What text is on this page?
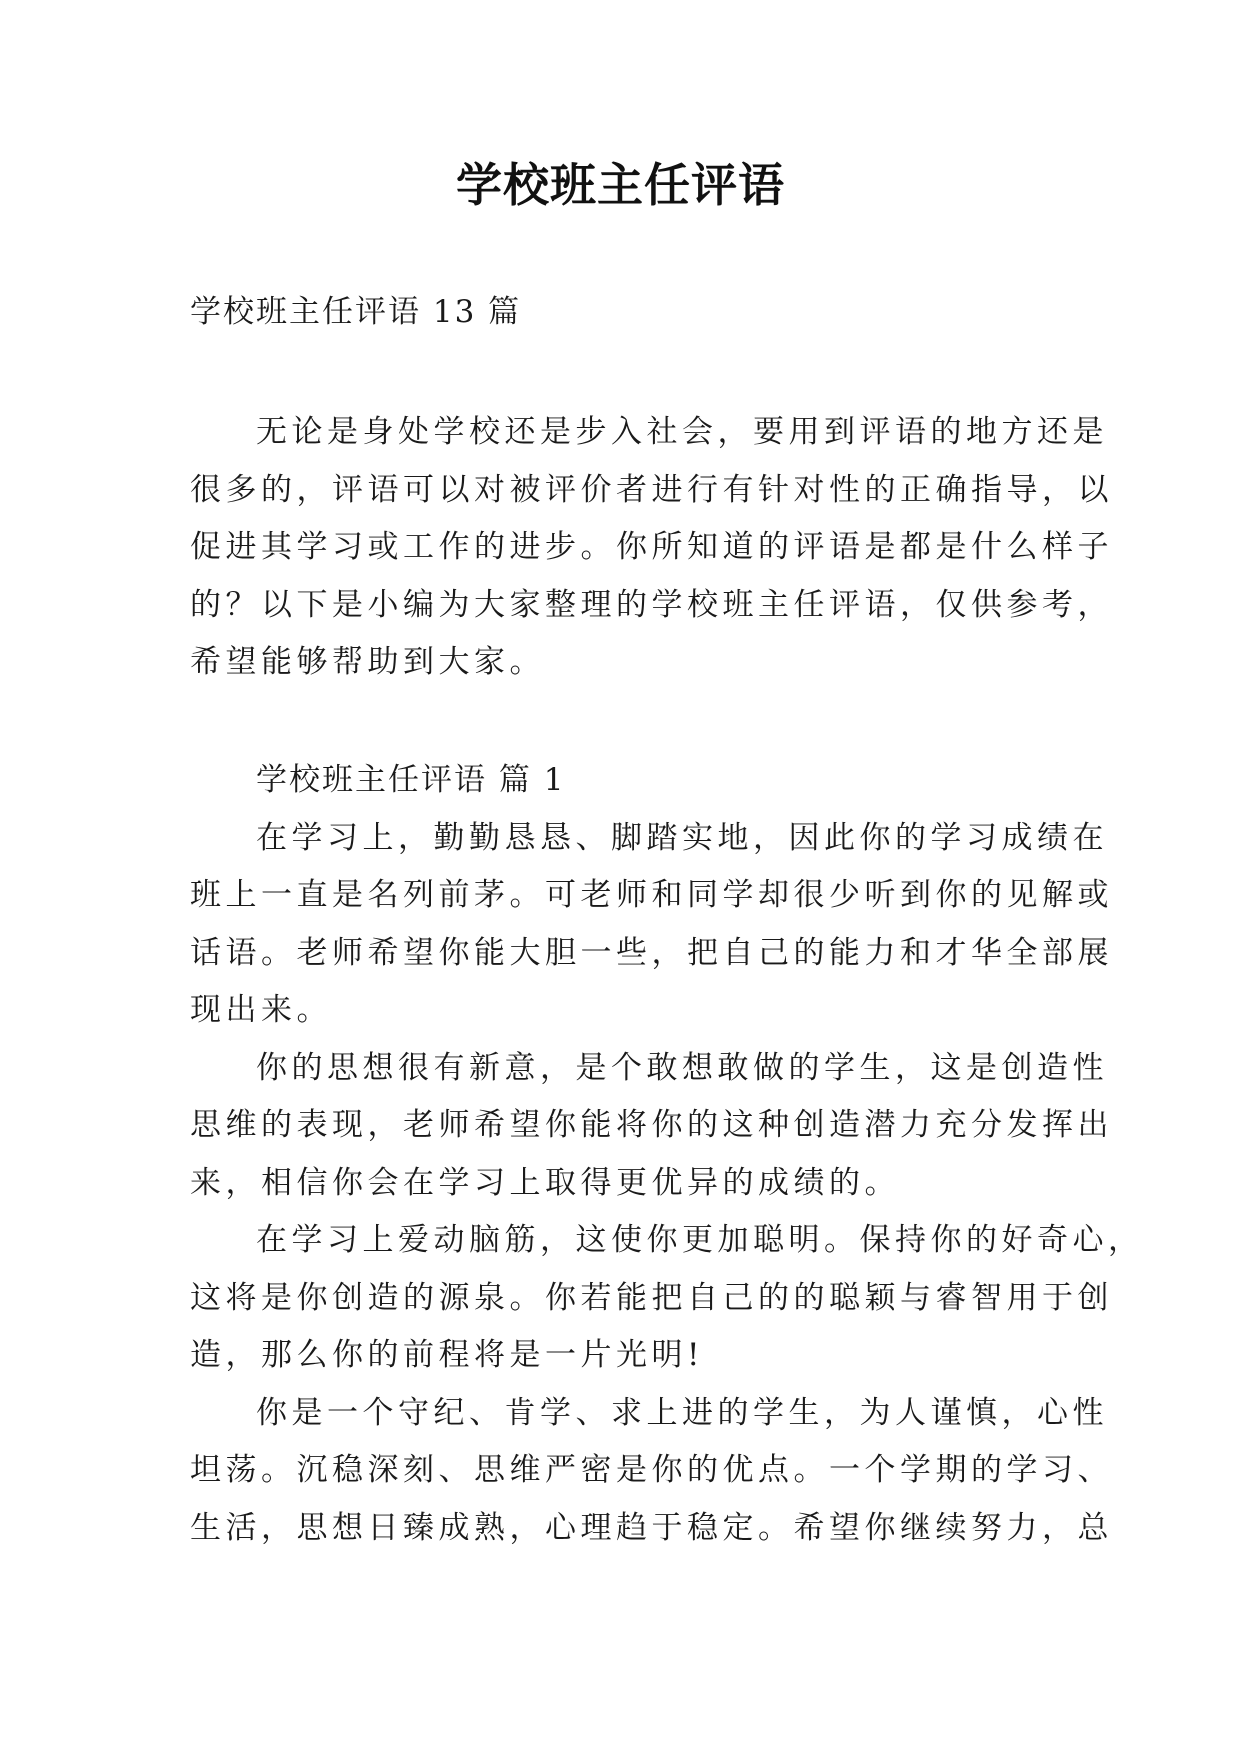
学校班主任评语
学校班主任评语 13 篇
无论是身处学校还是步入社会，要用到评语的地方还是
很多的，评语可以对被评价者进行有针对性的正确指导，以
促进其学习或工作的进步。你所知道的评语是都是什么样子
的？以下是小编为大家整理的学校班主任评语，仅供参考，
希望能够帮助到大家。
学校班主任评语 篇 1
在学习上，勤勤恳恳、脚踏实地，因此你的学习成绩在
班上一直是名列前茅。可老师和同学却很少听到你的见解或
话语。老师希望你能大胆一些，把自己的能力和才华全部展
现出来。
你的思想很有新意，是个敢想敢做的学生，这是创造性
思维的表现，老师希望你能将你的这种创造潜力充分发挥出
来，相信你会在学习上取得更优异的成绩的。
在学习上爱动脑筋，这使你更加聪明。保持你的好奇心，
这将是你创造的源泉。你若能把自己的的聪颖与睿智用于创
造，那么你的前程将是一片光明!
你是一个守纪、肯学、求上进的学生，为人谨慎，心性
坦荡。沉稳深刻、思维严密是你的优点。一个学期的学习、
生活，思想日臻成熟，心理趋于稳定。希望你继续努力，总
